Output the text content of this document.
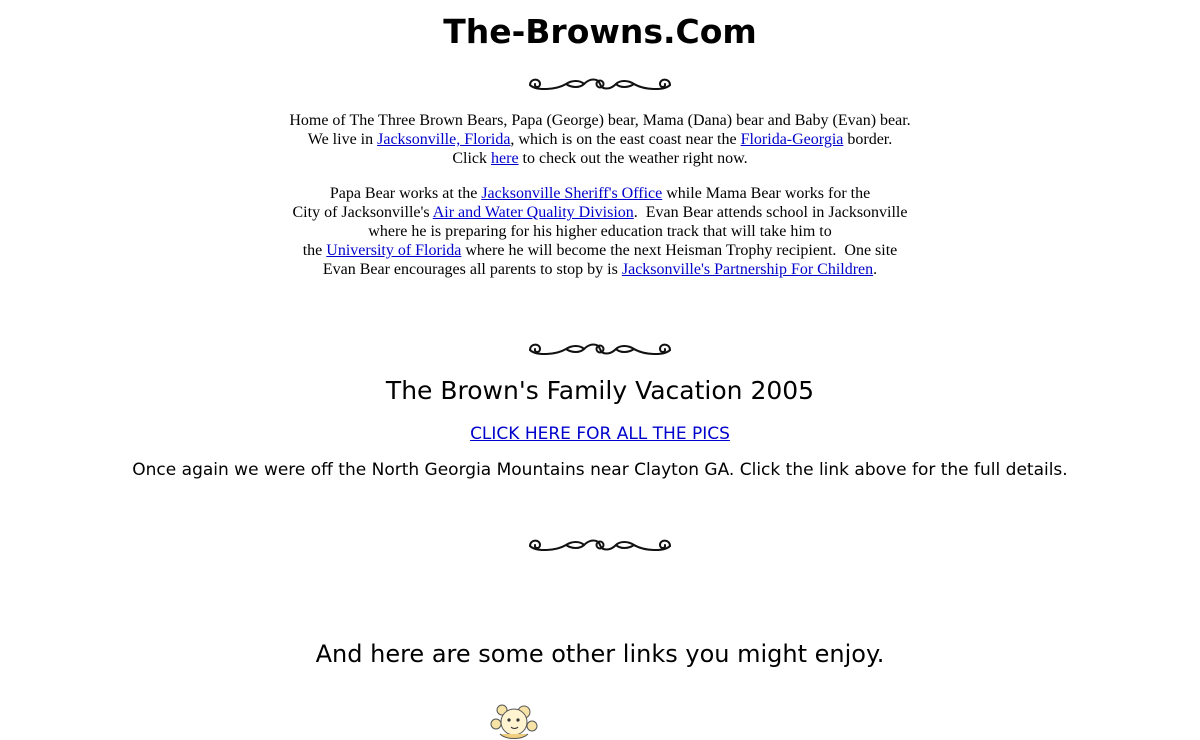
The-Browns.Com
Home of The Three Brown Bears, Papa (George) bear, Mama (Dana) bear and Baby (Evan) bear.
We live in Jacksonville, Florida, which is on the east coast near the Florida-Georgia border.
Click here to check out the weather right now.
Papa Bear works at the Jacksonville Sheriff's Office while Mama Bear works for the
City of Jacksonville's Air and Water Quality Division.  Evan Bear attends school in Jacksonville
where he is preparing for his higher education track that will take him to
the University of Florida where he will become the next Heisman Trophy recipient.  One site
Evan Bear encourages all parents to stop by is Jacksonville's Partnership For Children.
The Brown's Family Vacation 2005
CLICK HERE FOR ALL THE PICS
Once again we were off the North Georgia Mountains near Clayton GA. Click the link above for the full details.
And here are some other links you might enjoy.
